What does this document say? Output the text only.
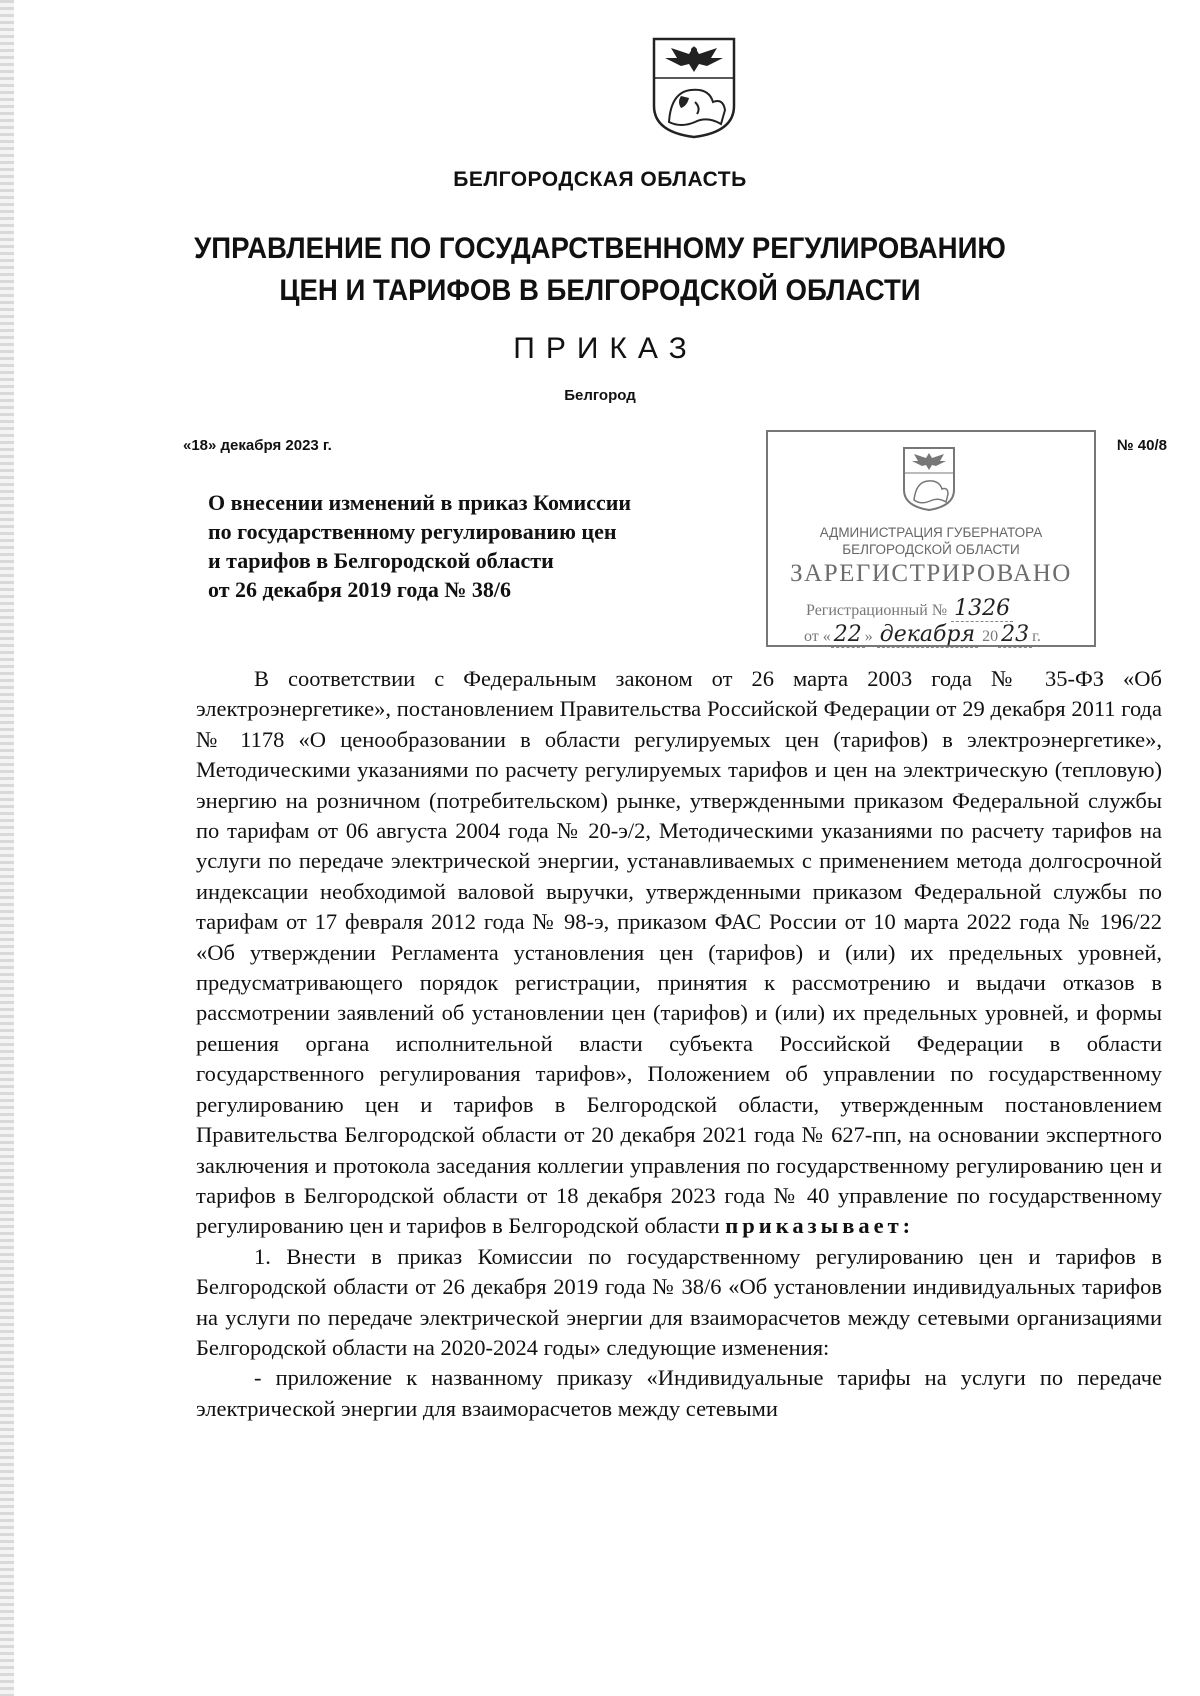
БЕЛГОРОДСКАЯ ОБЛАСТЬ
УПРАВЛЕНИЕ ПО ГОСУДАРСТВЕННОМУ РЕГУЛИРОВАНИЮ
ЦЕН И ТАРИФОВ В БЕЛГОРОДСКОЙ ОБЛАСТИ
ПРИКАЗ
Белгород
«18» декабря 2023 г.	№ 40/8
О внесении изменений в приказ Комиссии
по государственному регулированию цен
и тарифов в Белгородской области
от 26 декабря 2019 года № 38/6
АДМИНИСТРАЦИЯ ГУБЕРНАТОРА
БЕЛГОРОДСКОЙ ОБЛАСТИ
ЗАРЕГИСТРИРОВАНО
Регистрационный № 1326
от « 22 » декабря 20 23 г.

В соответствии с Федеральным законом от 26 марта 2003 года № 35-ФЗ «Об электроэнергетике», постановлением Правительства Российской Федерации от 29 декабря 2011 года № 1178 «О ценообразовании в области регулируемых цен (тарифов) в электроэнергетике», Методическими указаниями по расчету регулируемых тарифов и цен на электрическую (тепловую) энергию на розничном (потребительском) рынке, утвержденными приказом Федеральной службы по тарифам от 06 августа 2004 года № 20-э/2, Методическими указаниями по расчету тарифов на услуги по передаче электрической энергии, устанавливаемых с применением метода долгосрочной индексации необходимой валовой выручки, утвержденными приказом Федеральной службы по тарифам от 17 февраля 2012 года № 98-э, приказом ФАС России от 10 марта 2022 года № 196/22 «Об утверждении Регламента установления цен (тарифов) и (или) их предельных уровней, предусматривающего порядок регистрации, принятия к рассмотрению и выдачи отказов в рассмотрении заявлений об установлении цен (тарифов) и (или) их предельных уровней, и формы решения органа исполнительной власти субъекта Российской Федерации в области государственного регулирования тарифов», Положением об управлении по государственному регулированию цен и тарифов в Белгородской области, утвержденным постановлением Правительства Белгородской области от 20 декабря 2021 года № 627-пп, на основании экспертного заключения и протокола заседания коллегии управления по государственному регулированию цен и тарифов в Белгородской области от 18 декабря 2023 года № 40 управление по государственному регулированию цен и тарифов в Белгородской области приказывает:

1. Внести в приказ Комиссии по государственному регулированию цен и тарифов в Белгородской области от 26 декабря 2019 года № 38/6 «Об установлении индивидуальных тарифов на услуги по передаче электрической энергии для взаиморасчетов между сетевыми организациями Белгородской области на 2020-2024 годы» следующие изменения:

- приложение к названному приказу «Индивидуальные тарифы на услуги по передаче электрической энергии для взаиморасчетов между сетевыми
